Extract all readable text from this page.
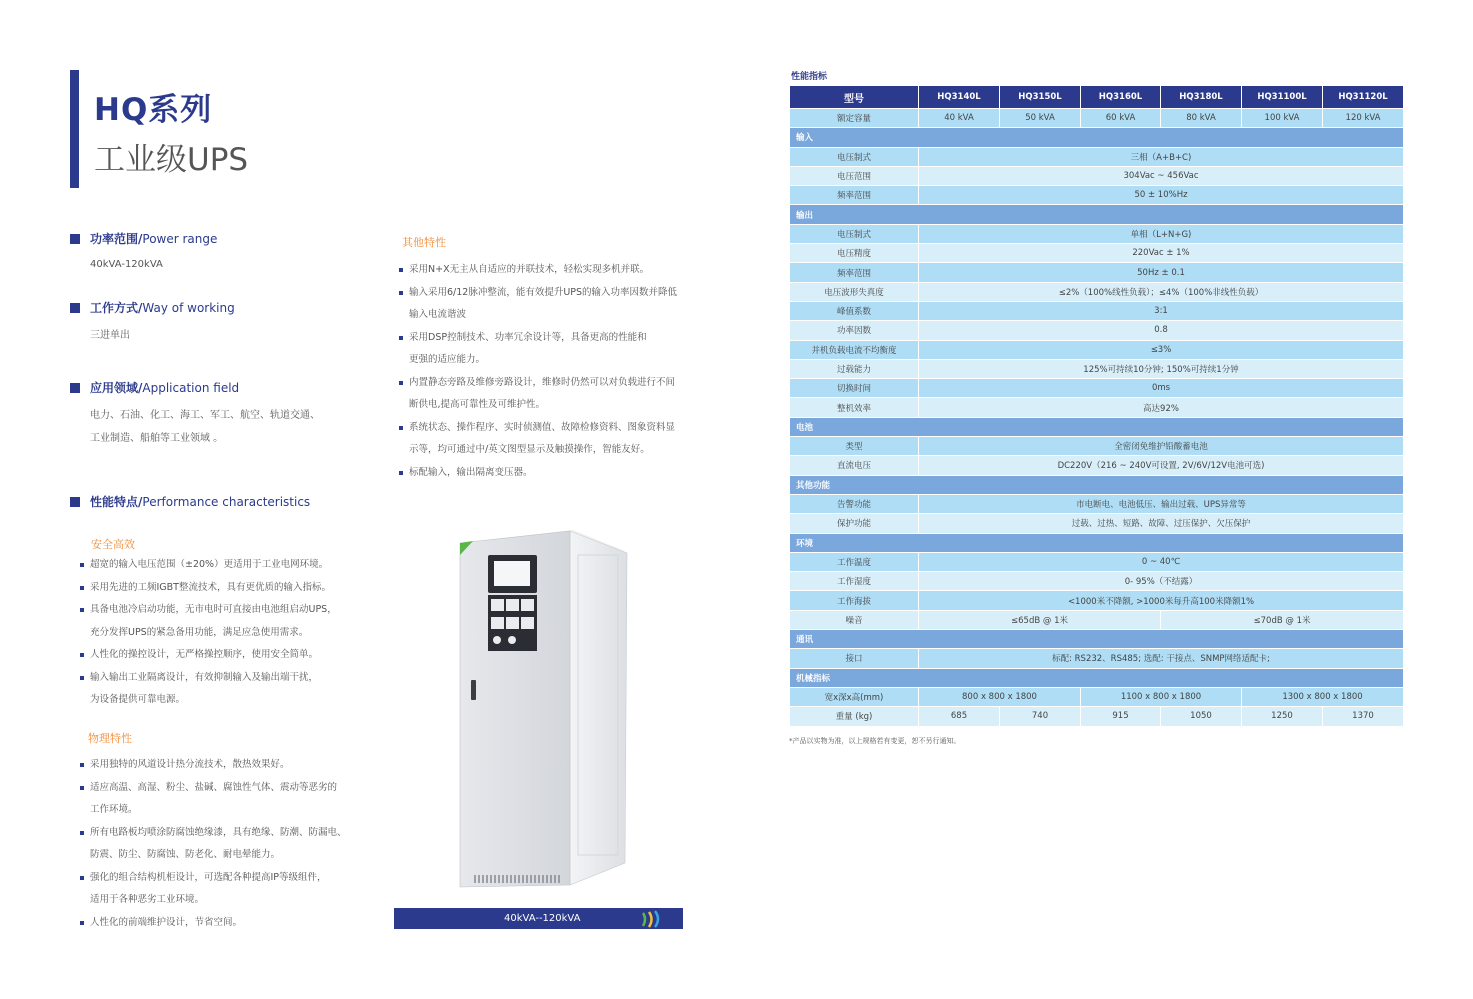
HQ系列
工业级UPS
功率范围/ Power range
40kVA-120kVA
工作方式/ Way of working
三进单出
应用领域/ Application field
电力、石油、化工、海工、军工、航空、轨道交通、
工业制造、船舶等工业领域 。
性能特点/ Performance characteristics
安全高效
超宽的输入电压范围（±20%）更适用于工业电网环境。
采用先进的工频IGBT整流技术，具有更优质的输入指标。
具备电池冷启动功能，无市电时可直接由电池组启动UPS，
充分发挥UPS的紧急备用功能，满足应急使用需求。
人性化的操控设计，无严格操控顺序，使用安全简单。
输入输出工业隔离设计，有效抑制输入及输出端干扰，
为设备提供可靠电源。
物理特性
采用独特的风道设计热分流技术，散热效果好。
适应高温、高湿、粉尘、盐碱、腐蚀性气体、震动等恶劣的
工作环境。
所有电路板均喷涂防腐蚀绝缘漆，具有绝缘、防潮、防漏电、
防震、防尘、防腐蚀、防老化、耐电晕能力。
强化的组合结构机柜设计，可选配各种提高IP等级组件，
适用于各种恶劣工业环境。
人性化的前端维护设计，节省空间。
其他特性
采用N+X无主从自适应的并联技术，轻松实现多机并联。
输入采用6/12脉冲整流，能有效提升UPS的输入功率因数并降低
输入电流谐波
采用DSP控制技术、功率冗余设计等，具备更高的性能和
更强的适应能力。
内置静态旁路及维修旁路设计，维修时仍然可以对负载进行不间
断供电,提高可靠性及可维护性。
系统状态、操作程序、实时侦测值、故障检修资料、图象资料显
示等，均可通过中/英文图型显示及触摸操作，智能友好。
标配输入，输出隔离变压器。
40kVA--120kVA
性能指标
型号	HQ3140L	HQ3150L	HQ3160L	HQ3180L	HQ31100L	HQ31120L
额定容量	40 kVA	50 kVA	60 kVA	80 kVA	100 kVA	120 kVA
输入						
电压制式	三相（A+B+C)					
电压范围	304Vac ~ 456Vac					
频率范围	50 ± 10%Hz					
输出						
电压制式	单相（L+N+G)					
电压精度	220Vac ± 1%					
频率范围	50Hz ± 0.1					
电压波形失真度	≤2%（100%线性负载）；≤4%（100%非线性负载）					
峰值系数	3:1					
功率因数	0.8					
并机负载电流不均衡度	≤3%					
过载能力	125%可持续10分钟; 150%可持续1分钟					
切换时间	0ms					
整机效率	高达92%					
电池						
类型	全密闭免维护铅酸蓄电池					
直流电压	DC220V（216 ~ 240V可设置, 2V/6V/12V电池可选)					
其他功能						
告警功能	市电断电、电池低压、输出过载、UPS异常等					
保护功能	过载、过热、短路、故障、过压保护、欠压保护					
环境						
工作温度	0 ~ 40℃					
工作湿度	0- 95%（不结露）					
工作海拔	<1000米不降额, >1000米每升高100米降额1%					
噪音	≤65dB @ 1米			≤70dB @ 1米		
通讯						
接口	标配: RS232、RS485; 选配: 干接点、SNMP网络适配卡;					
机械指标						
宽x深x高(mm)	800 x 800 x 1800		1100 x 800 x 1800		1300 x 800 x 1800	
重量 (kg)	685	740	915	1050	1250	1370
*产品以实物为准，以上规格若有变更，恕不另行通知。
